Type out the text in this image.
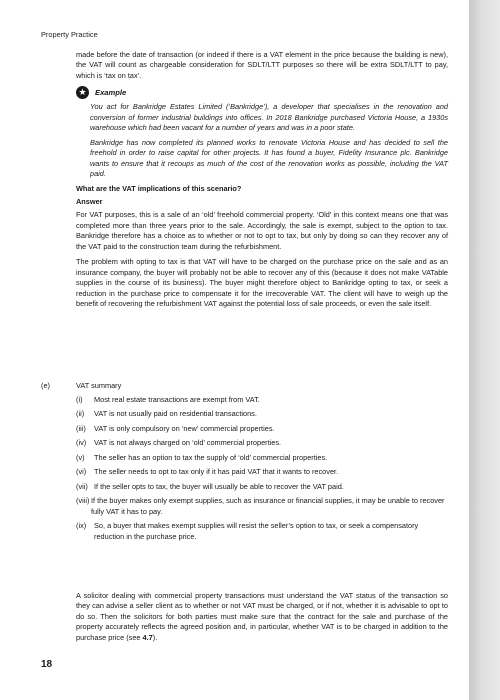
Property Practice

made before the date of transaction (or indeed if there is a VAT element in the price because the building is new), the VAT will count as chargeable consideration for SDLT/LTT purposes so there will be extra SDLT/LTT to pay, which is ‘tax on tax’.

★	Example

You act for Bankridge Estates Limited (‘Bankridge’), a developer that specialises in the renovation and conversion of former industrial buildings into offices. In 2018 Bankridge purchased Victoria House, a 1930s warehouse which had been vacant for a number of years and was in a poor state.

Bankridge has now completed its planned works to renovate Victoria House and has decided to sell the freehold in order to raise capital for other projects. It has found a buyer, Fidelity Insurance plc. Bankridge wants to ensure that it recoups as much of the cost of the renovation works as possible, including the VAT paid.

What are the VAT implications of this scenario?
Answer

For VAT purposes, this is a sale of an ‘old’ freehold commercial property. ‘Old’ in this context means one that was completed more than three years prior to the sale. Accordingly, the sale is exempt, subject to the option to tax. Bankridge therefore has a choice as to whether or not to opt to tax, but only by doing so can they recover any of the VAT paid to the construction team during the refurbishment.

The problem with opting to tax is that VAT will have to be charged on the purchase price on the sale and as an insurance company, the buyer will probably not be able to recover any of this (because it does not make VATable supplies in the course of its business). The buyer might therefore object to Bankridge opting to tax, or seek a reduction in the purchase price to compensate it for the irrecoverable VAT. The client will have to weigh up the benefit of recovering the refurbishment VAT against the potential loss of sale proceeds, or even the sale itself.

(e)	VAT summary
(i)	Most real estate transactions are exempt from VAT.
(ii)	VAT is not usually paid on residential transactions.
(iii)	VAT is only compulsory on ‘new’ commercial properties.
(iv)	VAT is not always charged on ‘old’ commercial properties.
(v)	The seller has an option to tax the supply of ‘old’ commercial properties.
(vi)	The seller needs to opt to tax only if it has paid VAT that it wants to recover.
(vii) If the seller opts to tax, the buyer will usually be able to recover the VAT paid.
(viii) If the buyer makes only exempt supplies, such as insurance or financial supplies, it may be unable to recover fully VAT it has to pay.
(ix)	So, a buyer that makes exempt supplies will resist the seller’s option to tax, or seek a compensatory reduction in the purchase price.

A solicitor dealing with commercial property transactions must understand the VAT status of the transaction so they can advise a seller client as to whether or not VAT must be charged, or if not, whether it is advisable to opt to do so. Then the solicitors for both parties must make sure that the contract for the sale and purchase of the property accurately reflects the agreed position and, in particular, whether VAT is to be charged in addition to the purchase price (see 4.7).

18
